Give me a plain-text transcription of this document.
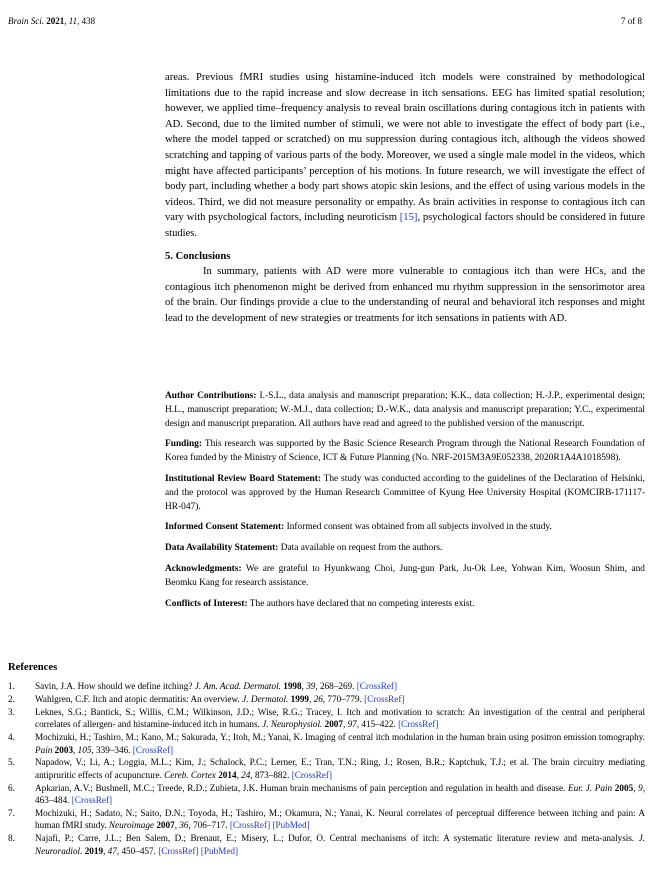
Brain Sci. 2021, 11, 438	7 of 8

areas. Previous fMRI studies using histamine-induced itch models were constrained by methodological limitations due to the rapid increase and slow decrease in itch sensations. EEG has limited spatial resolution; however, we applied time–frequency analysis to reveal brain oscillations during contagious itch in patients with AD. Second, due to the limited number of stimuli, we were not able to investigate the effect of body part (i.e., where the model tapped or scratched) on mu suppression during contagious itch, although the videos showed scratching and tapping of various parts of the body. Moreover, we used a single male model in the videos, which might have affected participants’ perception of his motions. In future research, we will investigate the effect of body part, including whether a body part shows atopic skin lesions, and the effect of using various models in the videos. Third, we did not measure personality or empathy. As brain activities in response to contagious itch can vary with psychological factors, including neuroticism [15], psychological factors should be considered in future studies.

5. Conclusions

In summary, patients with AD were more vulnerable to contagious itch than were HCs, and the contagious itch phenomenon might be derived from enhanced mu rhythm suppression in the sensorimotor area of the brain. Our findings provide a clue to the understanding of neural and behavioral itch responses and might lead to the development of new strategies or treatments for itch sensations in patients with AD.

Author Contributions: I.-S.L., data analysis and manuscript preparation; K.K., data collection; H.-J.P., experimental design; H.L., manuscript preparation; W.-M.J., data collection; D.-W.K., data analysis and manuscript preparation; Y.C., experimental design and manuscript preparation. All authors have read and agreed to the published version of the manuscript.

Funding: This research was supported by the Basic Science Research Program through the National Research Foundation of Korea funded by the Ministry of Science, ICT & Future Planning (No. NRF-2015M3A9E052338, 2020R1A4A1018598).

Institutional Review Board Statement: The study was conducted according to the guidelines of the Declaration of Helsinki, and the protocol was approved by the Human Research Committee of Kyung Hee University Hospital (KOMCIRB-171117-HR-047).

Informed Consent Statement: Informed consent was obtained from all subjects involved in the study.

Data Availability Statement: Data available on request from the authors.

Acknowledgments: We are grateful to Hyunkwang Choi, Jung-gun Park, Ju-Ok Lee, Yohwan Kim, Woosun Shim, and Beomku Kang for research assistance.

Conflicts of Interest: The authors have declared that no competing interests exist.

References
1.	Savin, J.A. How should we define itching? J. Am. Acad. Dermatol. 1998, 39, 268–269. [CrossRef]
2.	Wahlgren, C.F. Itch and atopic dermatitis: An overview. J. Dermatol. 1999, 26, 770–779. [CrossRef]
3.	Leknes, S.G.; Bantick, S.; Willis, C.M.; Wilkinson, J.D.; Wise, R.G.; Tracey, I. Itch and motivation to scratch: An investigation of the central and peripheral correlates of allergen- and histamine-induced itch in humans. J. Neurophysiol. 2007, 97, 415–422. [CrossRef]
4.	Mochizuki, H.; Tashiro, M.; Kano, M.; Sakurada, Y.; Itoh, M.; Yanai, K. Imaging of central itch modulation in the human brain using positron emission tomography. Pain 2003, 105, 339–346. [CrossRef]
5.	Napadow, V.; Li, A.; Loggia, M.L.; Kim, J.; Schalock, P.C.; Lerner, E.; Tran, T.N.; Ring, J.; Rosen, B.R.; Kaptchuk, T.J.; et al. The brain circuitry mediating antipruritic effects of acupuncture. Cereb. Cortex 2014, 24, 873–882. [CrossRef]
6.	Apkarian, A.V.; Bushnell, M.C.; Treede, R.D.; Zubieta, J.K. Human brain mechanisms of pain perception and regulation in health and disease. Eur. J. Pain 2005, 9, 463–484. [CrossRef]
7.	Mochizuki, H.; Sadato, N.; Saito, D.N.; Toyoda, H.; Tashiro, M.; Okamura, N.; Yanai, K. Neural correlates of perceptual difference between itching and pain: A human fMRI study. Neuroimage 2007, 36, 706–717. [CrossRef] [PubMed]
8.	Najafi, P.; Carre, J.L.; Ben Salem, D.; Brenaut, E.; Misery, L.; Dufor, O. Central mechanisms of itch: A systematic literature review and meta-analysis. J. Neuroradiol. 2019, 47, 450–457. [CrossRef] [PubMed]
